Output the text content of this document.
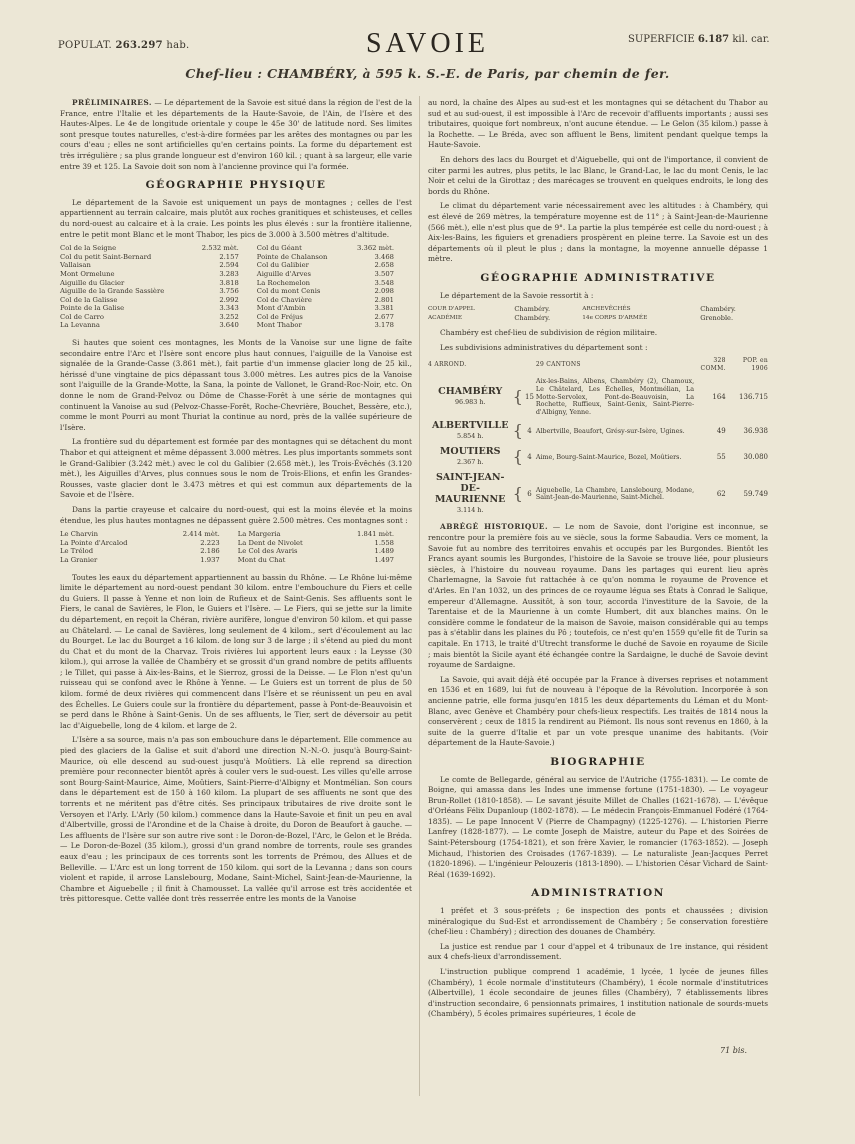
POPULAT. 263.297 hab.	SAVOIE	SUPERFICIE 6.187 kil. car.
Chef-lieu : CHAMBÉRY, à 595 k. S.-E. de Paris, par chemin de fer.

PRÉLIMINAIRES. — Le département de la Savoie est situé dans la région de l'est de la France, entre l'Italie et les départements de la Haute-Savoie, de l'Ain, de l'Isère et des Hautes-Alpes. Le 4e de longitude orientale y coupe le 45e 30' de latitude nord. Ses limites sont presque toutes naturelles, c'est-à-dire formées par les arêtes des montagnes ou par les cours d'eau ; elles ne sont artificielles qu'en certains points. La forme du département est très irrégulière ; sa plus grande longueur est d'environ 160 kil. ; quant à sa largeur, elle varie entre 39 et 125. La Savoie doit son nom à l'ancienne province qui l'a formée.

GÉOGRAPHIE PHYSIQUE

Le département de la Savoie est uniquement un pays de montagnes ; celles de l'est appartiennent au terrain calcaire, mais plutôt aux roches granitiques et schisteuses, et celles du nord-ouest au calcaire et à la craie. Les points les plus élevés : sur la frontière italienne, entre le petit mont Blanc et le mont Thabor, les pics de 3.000 à 3.500 mètres d'altitude.

Col de la Seigne	2.532 mèt.	Col du Géant	3.362 mèt.
Col du petit Saint-Bernard	2.157	Pointe de Chalanson	3.468
Vallaisan	2.594	Col du Galibier	2.658
Mont Ormelune	3.283	Aiguille d'Arves	3.507
Aiguille du Glacier	3.818	La Rochemelon	3.548
Aiguille de la Grande Sassière	3.756	Col du mont Cenis	2.098
Col de la Galisse	2.992	Col de Chavière	2.801
Pointe de la Galise	3.343	Mont d'Ambin	3.381
Col de Carro	3.252	Col de Fréjus	2.677
La Levanna	3.640	Mont Thabor	3.178

Si hautes que soient ces montagnes, les Monts de la Vanoise sur une ligne de faîte secondaire entre l'Arc et l'Isère sont encore plus haut connues, l'aiguille de la Vanoise est signalée de la Grande-Casse (3.861 mèt.), fait partie d'un immense glacier long de 25 kil., hérissé d'une vingtaine de pics dépassant tous 3.000 mètres. Les autres pics de la Vanoise sont l'aiguille de la Grande-Motte, la Sana, la pointe de Vallonet, le Grand-Roc-Noir, etc. On donne le nom de Grand-Pelvoz ou Dôme de Chasse-Forêt à une série de montagnes qui continuent la Vanoise au sud (Pelvoz-Chasse-Forêt, Roche-Chevrière, Bouchet, Bessère, etc.), comme le mont Pourri au mont Thuriat la continue au nord, près de la vallée supérieure de l'Isère.

La frontière sud du département est formée par des montagnes qui se détachent du mont Thabor et qui atteignent et même dépassent 3.000 mètres. Les plus importants sommets sont le Grand-Galibier (3.242 mèt.) avec le col du Galibier (2.658 mèt.), les Trois-Évêchés (3.120 mèt.), les Aiguilles d'Arves, plus connues sous le nom de Trois-Elions, et enfin les Grandes-Rousses, vaste glacier dont le 3.473 mètres et qui est commun aux départements de la Savoie et de l'Isère.

Dans la partie crayeuse et calcaire du nord-ouest, qui est la moins élevée et la moins étendue, les plus hautes montagnes ne dépassent guère 2.500 mètres. Ces montagnes sont :

Le Charvin	2.414 mèt.	La Margeria	1.841 mèt.
La Pointe d'Arcalod	2.223	La Dent de Nivolet	1.558
Le Trélod	2.186	Le Col des Avaris	1.489
La Granier	1.937	Mont du Chat	1.497

Toutes les eaux du département appartiennent au bassin du Rhône. — Le Rhône lui-même limite le département au nord-ouest pendant 30 kilom. entre l'embouchure du Fiers et celle du Guiers. Il passe à Yenne et non loin de Rufieux et de Saint-Genis. Ses affluents sont le Fiers, le canal de Savières, le Flon, le Guiers et l'Isère. — Le Fiers, qui se jette sur la limite du département, en reçoit la Chéran, rivière aurifère, longue d'environ 50 kilom. et qui passe au Châtelard. — Le canal de Savières, long seulement de 4 kilom., sert d'écoulement au lac du Bourget. Le lac du Bourget a 16 kilom. de long sur 3 de large ; il s'étend au pied du mont du Chat et du mont de la Charvaz. Trois rivières lui apportent leurs eaux : la Leysse (30 kilom.), qui arrose la vallée de Chambéry et se grossit d'un grand nombre de petits affluents ; le Tillet, qui passe à Aix-les-Bains, et le Sierroz, grossi de la Deisse. — Le Flon n'est qu'un ruisseau qui se confond avec le Rhône à Yenne. — Le Guiers est un torrent de plus de 50 kilom. formé de deux rivières qui commencent dans l'Isère et se réunissent un peu en aval des Échelles. Le Guiers coule sur la frontière du département, passe à Pont-de-Beauvoisin et se perd dans le Rhône à Saint-Genis. Un de ses affluents, le Tier, sert de déversoir au petit lac d'Aiguebelle, long de 4 kilom. et large de 2.

L'Isère a sa source, mais n'a pas son embouchure dans le département. Elle commence au pied des glaciers de la Galise et suit d'abord une direction N.-N.-O. jusqu'à Bourg-Saint-Maurice, où elle descend au sud-ouest jusqu'à Moûtiers. Là elle reprend sa direction première pour reconnecter bientôt après à couler vers le sud-ouest. Les villes qu'elle arrose sont Bourg-Saint-Maurice, Aime, Moûtiers, Saint-Pierre-d'Albigny et Montmélian. Son cours dans le département est de 150 à 160 kilom. La plupart de ses affluents ne sont que des torrents et ne méritent pas d'être cités. Ses principaux tributaires de rive droite sont le Versoyen et l'Arly. L'Arly (50 kilom.) commence dans la Haute-Savoie et finit un peu en aval d'Albertville, grossi de l'Arondine et de la Chaise à droite, du Doron de Beaufort à gauche. — Les affluents de l'Isère sur son autre rive sont : le Doron-de-Bozel, l'Arc, le Gelon et le Bréda. — Le Doron-de-Bozel (35 kilom.), grossi d'un grand nombre de torrents, roule ses grandes eaux d'eau ; les principaux de ces torrents sont les torrents de Prémou, des Allues et de Belleville. — L'Arc est un long torrent de 150 kilom. qui sort de la Levanna ; dans son cours violent et rapide, il arrose Lanslebourg, Modane, Saint-Michel, Saint-Jean-de-Maurienne, la Chambre et Aiguebelle ; il finit à Chamousset. La vallée qu'il arrose est très accidentée et très pittoresque. Cette vallée dont très resserrée entre les monts de la Vanoise

au nord, la chaîne des Alpes au sud-est et les montagnes qui se détachent du Thabor au sud et au sud-ouest, il est impossible à l'Arc de recevoir d'affluents importants ; aussi ses tributaires, quoique fort nombreux, n'ont aucune étendue. — Le Gelon (35 kilom.) passe à la Rochette. — Le Bréda, avec son affluent le Bens, limitent pendant quelque temps la Haute-Savoie.

En dehors des lacs du Bourget et d'Aiguebelle, qui ont de l'importance, il convient de citer parmi les autres, plus petits, le lac Blanc, le Grand-Lac, le lac du mont Cenis, le lac Noir et celui de la Girottaz ; des marécages se trouvent en quelques endroits, le long des bords du Rhône.

Le climat du département varie nécessairement avec les altitudes : à Chambéry, qui est élevé de 269 mètres, la température moyenne est de 11° ; à Saint-Jean-de-Maurienne (566 mèt.), elle n'est plus que de 9°. La partie la plus tempérée est celle du nord-ouest ; à Aix-les-Bains, les figuiers et grenadiers prospèrent en pleine terre. La Savoie est un des départements où il pleut le plus ; dans la montagne, la moyenne annuelle dépasse 1 mètre.

GÉOGRAPHIE ADMINISTRATIVE

Le département de la Savoie ressortit à :

COUR D'APPEL	Chambéry.	ARCHEVÊCHÉS	Chambéry.
ACADÉMIE	Chambéry.	14e CORPS D'ARMÉE	Grenoble.

Chambéry est chef-lieu de subdivision de région militaire.

Les subdivisions administratives du département sont :

4 ARROND.			29 CANTONS	328 COMM.	POP. en 1906
CHAMBÉRY
96.983 h.	{	15	Aix-les-Bains, Albens, Chambéry (2), Chamoux, Le Châtelard, Les Échelles, Montmélian, La Motte-Servolex, Pont-de-Beauvoisin, La Rochette, Ruffieux, Saint-Genix, Saint-Pierre-d'Albigny, Yenne.	164	136.715
ALBERTVILLE
5.854 h.	{	4	Albertville, Beaufort, Grésy-sur-Isère, Ugines.	49	36.938
MOUTIERS
2.367 h.	{	4	Aime, Bourg-Saint-Maurice, Bozel, Moûtiers.	55	30.080
SAINT-JEAN-DE-MAURIENNE
3.114 h.	{	6	Aiguebelle, La Chambre, Lanslebourg, Modane, Saint-Jean-de-Maurienne, Saint-Michel.	62	59.749

ABRÉGÉ HISTORIQUE. — Le nom de Savoie, dont l'origine est inconnue, se rencontre pour la première fois au ve siècle, sous la forme Sabaudia. Vers ce moment, la Savoie fut au nombre des territoires envahis et occupés par les Burgondes. Bientôt les Francs ayant soumis les Burgondes, l'histoire de la Savoie se trouve liée, pour plusieurs siècles, à l'histoire du nouveau royaume. Dans les partages qui eurent lieu après Charlemagne, la Savoie fut rattachée à ce qu'on nomma le royaume de Provence et d'Arles. En l'an 1032, un des princes de ce royaume légua ses États à Conrad le Salique, empereur d'Allemagne. Aussitôt, à son tour, accorda l'investiture de la Savoie, de la Tarentaise et de la Maurienne à un comte Humbert, dit aux blanches mains. On le considère comme le fondateur de la maison de Savoie, maison considérable qui au temps pas à s'établir dans les plaines du Pô ; toutefois, ce n'est qu'en 1559 qu'elle fit de Turin sa capitale. En 1713, le traité d'Utrecht transforme le duché de Savoie en royaume de Sicile ; mais bientôt la Sicile ayant été échangée contre la Sardaigne, le duché de Savoie devint royaume de Sardaigne.

La Savoie, qui avait déjà été occupée par la France à diverses reprises et notamment en 1536 et en 1689, lui fut de nouveau à l'époque de la Révolution. Incorporée à son ancienne patrie, elle forma jusqu'en 1815 les deux départements du Léman et du Mont-Blanc, avec Genève et Chambéry pour chefs-lieux respectifs. Les traités de 1814 nous la conservèrent ; ceux de 1815 la rendirent au Piémont. Ils nous sont revenus en 1860, à la suite de la guerre d'Italie et par un vote presque unanime des habitants. (Voir département de la Haute-Savoie.)

BIOGRAPHIE

Le comte de Bellegarde, général au service de l'Autriche (1755-1831). — Le comte de Boigne, qui amassa dans les Indes une immense fortune (1751-1830). — Le voyageur Brun-Rollet (1810-1858). — Le savant jésuite Millet de Challes (1621-1678). — L'évêque d'Orléans Félix Dupanloup (1802-1878). — Le médecin François-Emmanuel Fodéré (1764-1835). — Le pape Innocent V (Pierre de Champagny) (1225-1276). — L'historien Pierre Lanfrey (1828-1877). — Le comte Joseph de Maistre, auteur du Pape et des Soirées de Saint-Pétersbourg (1754-1821), et son frère Xavier, le romancier (1763-1852). — Joseph Michaud, l'historien des Croisades (1767-1839). — Le naturaliste Jean-Jacques Perret (1820-1896). — L'ingénieur Pelouzeris (1813-1890). — L'historien César Vichard de Saint-Réal (1639-1692).

ADMINISTRATION

1 préfet et 3 sous-préfets ; 6e inspection des ponts et chaussées ; division minéralogique du Sud-Est et arrondissement de Chambéry ; 5e conservation forestière (chef-lieu : Chambéry) ; direction des douanes de Chambéry.

La justice est rendue par 1 cour d'appel et 4 tribunaux de 1re instance, qui résident aux 4 chefs-lieux d'arrondissement.

L'instruction publique comprend 1 académie, 1 lycée, 1 lycée de jeunes filles (Chambéry), 1 école normale d'instituteurs (Chambéry), 1 école normale d'institutrices (Albertville), 1 école secondaire de jeunes filles (Chambéry), 7 établissements libres d'instruction secondaire, 6 pensionnats primaires, 1 institution nationale de sourds-muets (Chambéry), 5 écoles primaires supérieures, 1 école de

71 bis.
